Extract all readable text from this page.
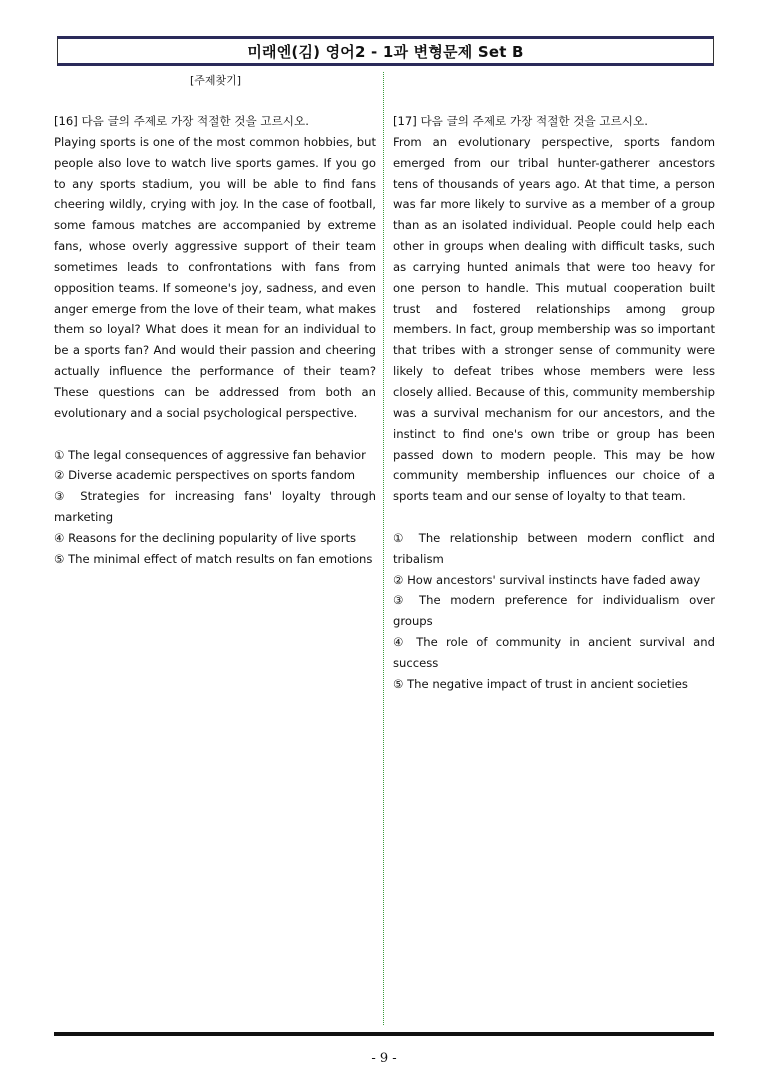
미래엔(김) 영어2 - 1과 변형문제 Set B
[주제찾기]
[16] 다음 글의 주제로 가장 적절한 것을 고르시오.
Playing sports is one of the most common hobbies, but people also love to watch live sports games. If you go to any sports stadium, you will be able to find fans cheering wildly, crying with joy. In the case of football, some famous matches are accompanied by extreme fans, whose overly aggressive support of their team sometimes leads to confrontations with fans from opposition teams. If someone's joy, sadness, and even anger emerge from the love of their team, what makes them so loyal? What does it mean for an individual to be a sports fan? And would their passion and cheering actually influence the performance of their team? These questions can be addressed from both an evolutionary and a social psychological perspective.
① The legal consequences of aggressive fan behavior
② Diverse academic perspectives on sports fandom
③ Strategies for increasing fans' loyalty through marketing
④ Reasons for the declining popularity of live sports
⑤ The minimal effect of match results on fan emotions
[17] 다음 글의 주제로 가장 적절한 것을 고르시오.
From an evolutionary perspective, sports fandom emerged from our tribal hunter-gatherer ancestors tens of thousands of years ago. At that time, a person was far more likely to survive as a member of a group than as an isolated individual. People could help each other in groups when dealing with difficult tasks, such as carrying hunted animals that were too heavy for one person to handle. This mutual cooperation built trust and fostered relationships among group members. In fact, group membership was so important that tribes with a stronger sense of community were likely to defeat tribes whose members were less closely allied. Because of this, community membership was a survival mechanism for our ancestors, and the instinct to find one's own tribe or group has been passed down to modern people. This may be how community membership influences our choice of a sports team and our sense of loyalty to that team.
① The relationship between modern conflict and tribalism
② How ancestors' survival instincts have faded away
③ The modern preference for individualism over groups
④ The role of community in ancient survival and success
⑤ The negative impact of trust in ancient societies
- 9 -
